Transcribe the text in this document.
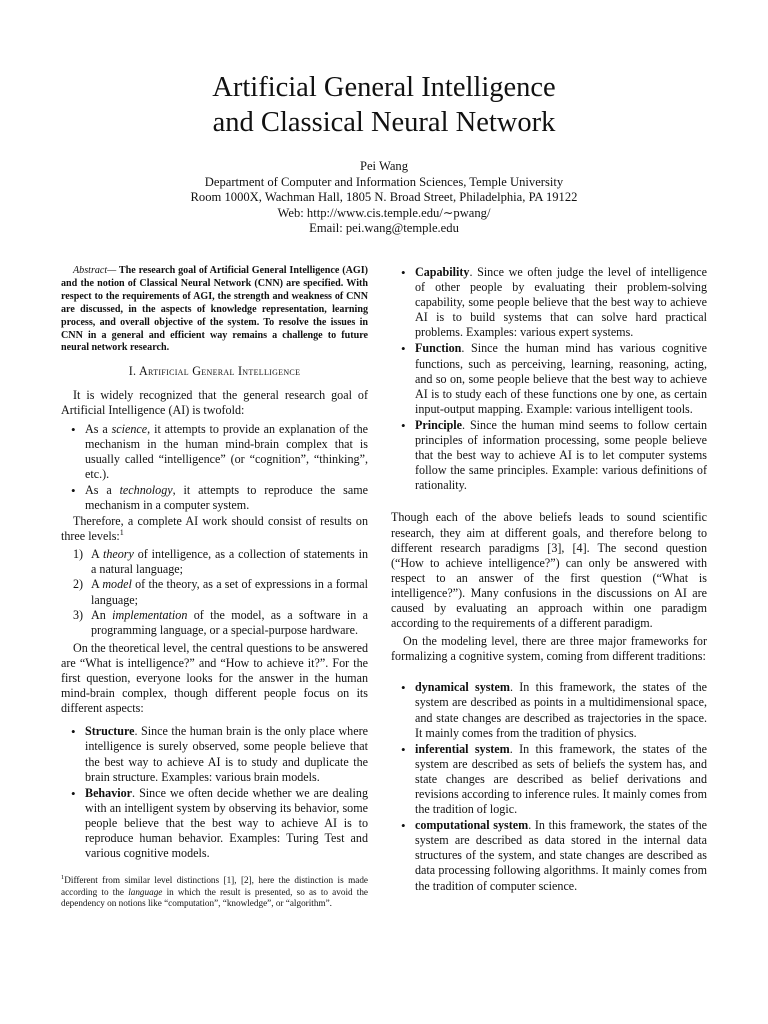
Artificial General Intelligence
and Classical Neural Network
Pei Wang
Department of Computer and Information Sciences, Temple University
Room 1000X, Wachman Hall, 1805 N. Broad Street, Philadelphia, PA 19122
Web: http://www.cis.temple.edu/∼pwang/
Email: pei.wang@temple.edu

Abstract— The research goal of Artificial General Intelligence (AGI) and the notion of Classical Neural Network (CNN) are specified. With respect to the requirements of AGI, the strength and weakness of CNN are discussed, in the aspects of knowledge representation, learning process, and overall objective of the system. To resolve the issues in CNN in a general and efficient way remains a challenge to future neural network research.

I. Artificial General Intelligence

It is widely recognized that the general research goal of Artificial Intelligence (AI) is twofold:

• As a science, it attempts to provide an explanation of the mechanism in the human mind-brain complex that is usually called “intelligence” (or “cognition”, “thinking”, etc.).
• As a technology, it attempts to reproduce the same mechanism in a computer system.

Therefore, a complete AI work should consist of results on three levels:$^1$

1) A theory of intelligence, as a collection of statements in a natural language;
2) A model of the theory, as a set of expressions in a formal language;
3) An implementation of the model, as a software in a programming language, or a special-purpose hardware.

On the theoretical level, the central questions to be answered are “What is intelligence?” and “How to achieve it?”. For the first question, everyone looks for the answer in the human mind-brain complex, though different people focus on its different aspects:

• Structure. Since the human brain is the only place where intelligence is surely observed, some people believe that the best way to achieve AI is to study and duplicate the brain structure. Examples: various brain models.
• Behavior. Since we often decide whether we are dealing with an intelligent system by observing its behavior, some people believe that the best way to achieve AI is to reproduce human behavior. Examples: Turing Test and various cognitive models.
$^1$Different from similar level distinctions [1], [2], here the distinction is made according to the language in which the result is presented, so as to avoid the dependency on notions like “computation”, “knowledge”, or “algorithm”.
• Capability. Since we often judge the level of intelligence of other people by evaluating their problem-solving capability, some people believe that the best way to achieve AI is to build systems that can solve hard practical problems. Examples: various expert systems.
• Function. Since the human mind has various cognitive functions, such as perceiving, learning, reasoning, acting, and so on, some people believe that the best way to achieve AI is to study each of these functions one by one, as certain input-output mapping. Example: various intelligent tools.
• Principle. Since the human mind seems to follow certain principles of information processing, some people believe that the best way to achieve AI is to let computer systems follow the same principles. Example: various definitions of rationality.

Though each of the above beliefs leads to sound scientific research, they aim at different goals, and therefore belong to different research paradigms [3], [4]. The second question (“How to achieve intelligence?”) can only be answered with respect to an answer of the first question (“What is intelligence?”). Many confusions in the discussions on AI are caused by evaluating an approach within one paradigm according to the requirements of a different paradigm.

On the modeling level, there are three major frameworks for formalizing a cognitive system, coming from different traditions:

• dynamical system. In this framework, the states of the system are described as points in a multidimensional space, and state changes are described as trajectories in the space. It mainly comes from the tradition of physics.
• inferential system. In this framework, the states of the system are described as sets of beliefs the system has, and state changes are described as belief derivations and revisions according to inference rules. It mainly comes from the tradition of logic.
• computational system. In this framework, the states of the system are described as data stored in the internal data structures of the system, and state changes are described as data processing following algorithms. It mainly comes from the tradition of computer science.
